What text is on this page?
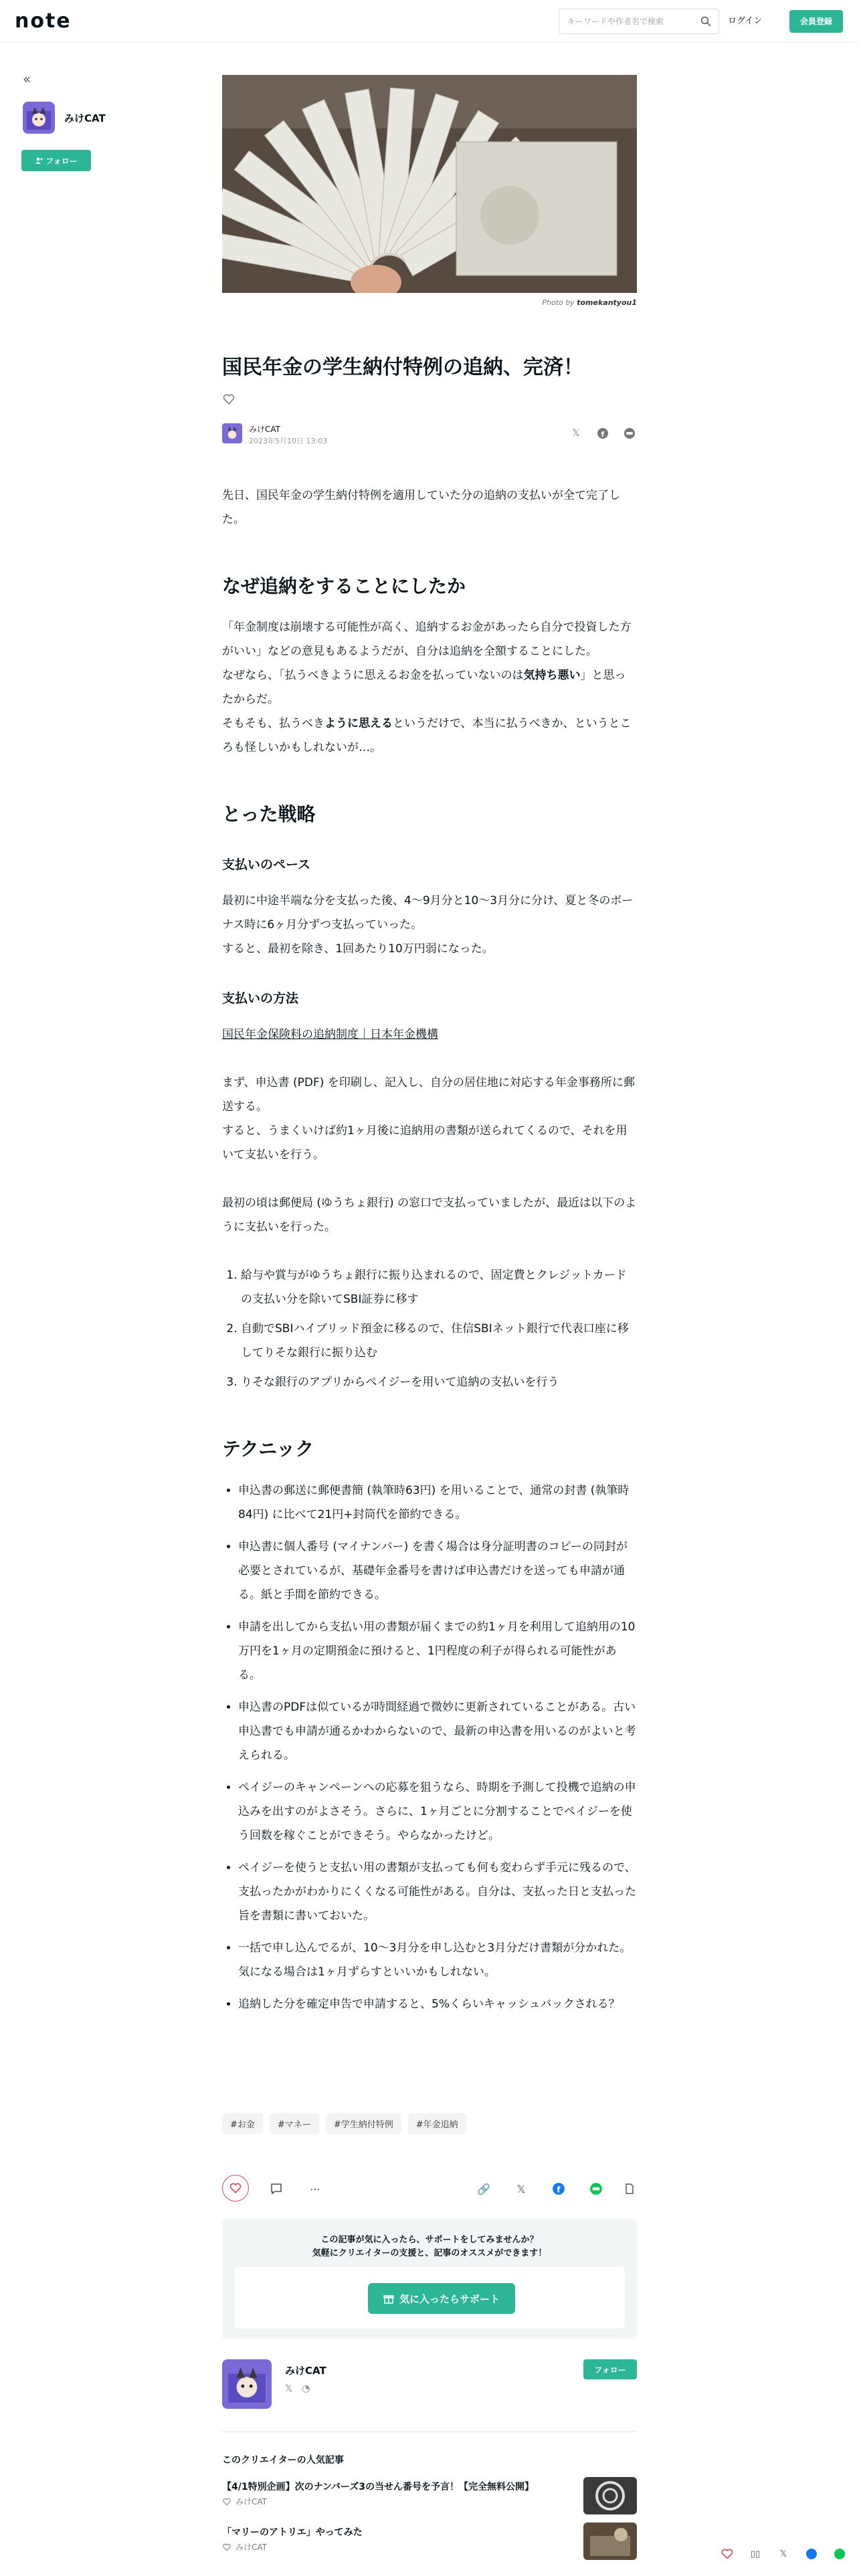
note
キーワードや作者名で検索	ログイン	会員登録
«
みけCAT
フォロー
Photo by tomekantyou1
国民年金の学生納付特例の追納、完済！
みけCAT
2023年5月10日 13:03
𝕏	f

先日、国民年金の学生納付特例を適用していた分の追納の支払いが全て完了した。

なぜ追納をすることにしたか

「年金制度は崩壊する可能性が高く、追納するお金があったら自分で投資した方がいい」などの意見もあるようだが、自分は追納を全額することにした。

なぜなら、「払うべきように思えるお金を払っていないのは気持ち悪い」と思ったからだ。

そもそも、払うべきように思えるというだけで、本当に払うべきか、というところも怪しいかもしれないが…。

とった戦略
支払いのペース

最初に中途半端な分を支払った後、4〜9月分と10〜3月分に分け、夏と冬のボーナス時に6ヶ月分ずつ支払っていった。

すると、最初を除き、1回あたり10万円弱になった。

支払いの方法

国民年金保険料の追納制度｜日本年金機構

まず、申込書 (PDF) を印刷し、記入し、自分の居住地に対応する年金事務所に郵送する。

すると、うまくいけば約1ヶ月後に追納用の書類が送られてくるので、それを用いて支払いを行う。

最初の頃は郵便局 (ゆうちょ銀行) の窓口で支払っていましたが、最近は以下のように支払いを行った。

1. 給与や賞与がゆうちょ銀行に振り込まれるので、固定費とクレジットカードの支払い分を除いてSBI証券に移す
2. 自動でSBIハイブリッド預金に移るので、住信SBIネット銀行で代表口座に移してりそな銀行に振り込む
3. りそな銀行のアプリからペイジーを用いて追納の支払いを行う
テクニック
• 申込書の郵送に郵便書簡 (執筆時63円) を用いることで、通常の封書 (執筆時84円) に比べて21円+封筒代を節約できる。
• 申込書に個人番号 (マイナンバー) を書く場合は身分証明書のコピーの同封が必要とされているが、基礎年金番号を書けば申込書だけを送っても申請が通る。紙と手間を節約できる。
• 申請を出してから支払い用の書類が届くまでの約1ヶ月を利用して追納用の10万円を1ヶ月の定期預金に預けると、1円程度の利子が得られる可能性がある。
• 申込書のPDFは似ているが時間経過で微妙に更新されていることがある。古い申込書でも申請が通るかわからないので、最新の申込書を用いるのがよいと考えられる。
• ペイジーのキャンペーンへの応募を狙うなら、時期を予測して投機で追納の申込みを出すのがよさそう。さらに、1ヶ月ごとに分割することでペイジーを使う回数を稼ぐことができそう。やらなかったけど。
• ペイジーを使うと支払い用の書類が支払っても何も変わらず手元に残るので、支払ったかがわかりにくくなる可能性がある。自分は、支払った日と支払った旨を書類に書いておいた。
• 一括で申し込んでるが、10〜3月分を申し込むと3月分だけ書類が分かれた。気になる場合は1ヶ月ずらすといいかもしれない。
• 追納した分を確定申告で申請すると、5%くらいキャッシュバックされる？
#お金	#マネー	#学生納付特例	#年金追納
⋯	🔗 𝕏	f
この記事が気に入ったら、サポートをしてみませんか？
気軽にクリエイターの支援と、記事のオススメができます！
気に入ったらサポート
みけCAT
𝕏 ◔
フォロー
このクリエイターの人気記事
【4/1特別企画】次のナンバーズ3の当せん番号を予言！【完全無料公開】
みけCAT
「マリーのアトリエ」やってみた
みけCAT
▯▯	𝕏
